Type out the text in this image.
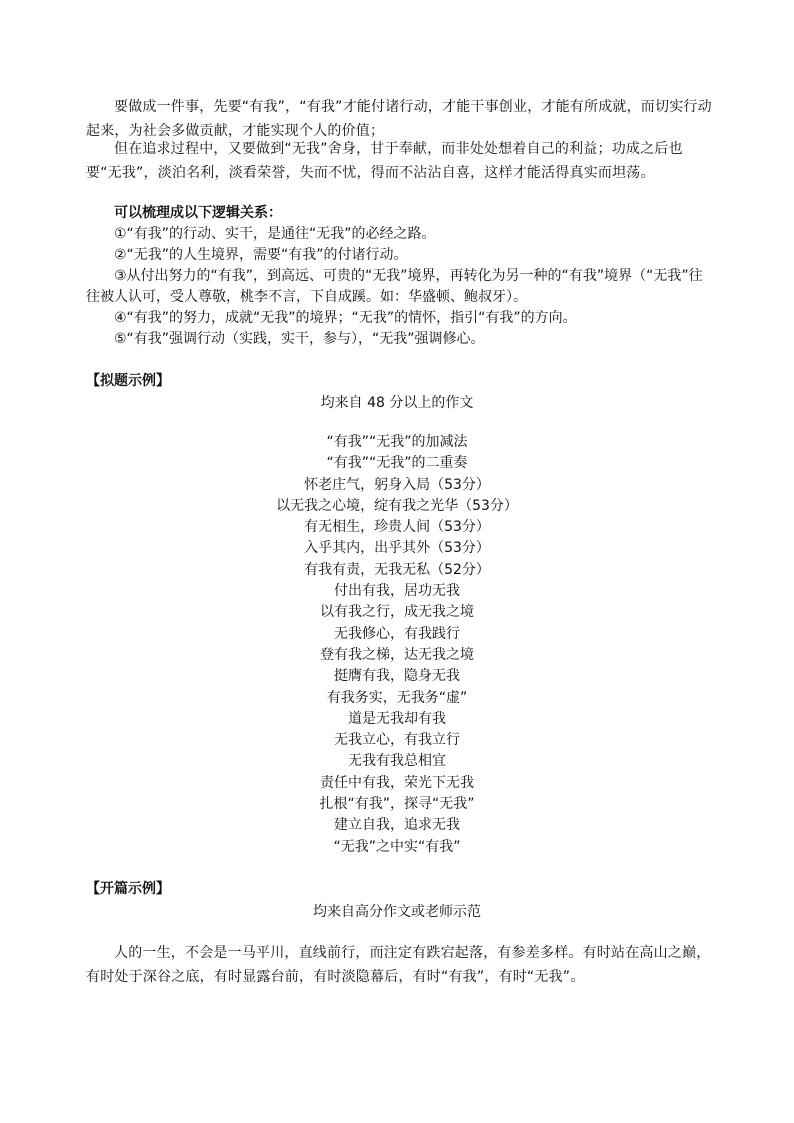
要做成一件事，先要“有我”，“有我”才能付诸行动，才能干事创业，才能有所成就，而切实行动起来，为社会多做贡献，才能实现个人的价值；

但在追求过程中，又要做到“无我”舍身，甘于奉献，而非处处想着自己的利益；功成之后也要“无我”，淡泊名利，淡看荣誉，失而不忧，得而不沾沾自喜，这样才能活得真实而坦荡。

可以梳理成以下逻辑关系：

①“有我”的行动、实干，是通往“无我”的必经之路。

②“无我”的人生境界，需要“有我”的付诸行动。

③从付出努力的“有我”，到高远、可贵的“无我”境界，再转化为另一种的“有我”境界（“无我”往往被人认可，受人尊敬，桃李不言，下自成蹊。如：华盛顿、鲍叔牙）。

④“有我”的努力，成就“无我”的境界；“无我”的情怀，指引“有我”的方向。

⑤“有我”强调行动（实践，实干，参与），“无我”强调修心。

【拟题示例】

均来自 48 分以上的作文

“有我”“无我”的加减法
“有我”“无我”的二重奏
怀老庄气，躬身入局（53分）
以无我之心境，绽有我之光华（53分）
有无相生，珍贵人间（53分）
入乎其内，出乎其外（53分）
有我有责，无我无私（52分）
付出有我，居功无我
以有我之行，成无我之境
无我修心，有我践行
登有我之梯，达无我之境
挺膺有我，隐身无我
有我务实，无我务“虚”
道是无我却有我
无我立心，有我立行
无我有我总相宜
责任中有我，荣光下无我
扎根“有我”，探寻“无我”
建立自我，追求无我
“无我”之中实“有我”

【开篇示例】

均来自高分作文或老师示范

人的一生，不会是一马平川，直线前行，而注定有跌宕起落，有参差多样。有时站在高山之巅，有时处于深谷之底，有时显露台前，有时淡隐幕后，有时“有我”，有时“无我”。
